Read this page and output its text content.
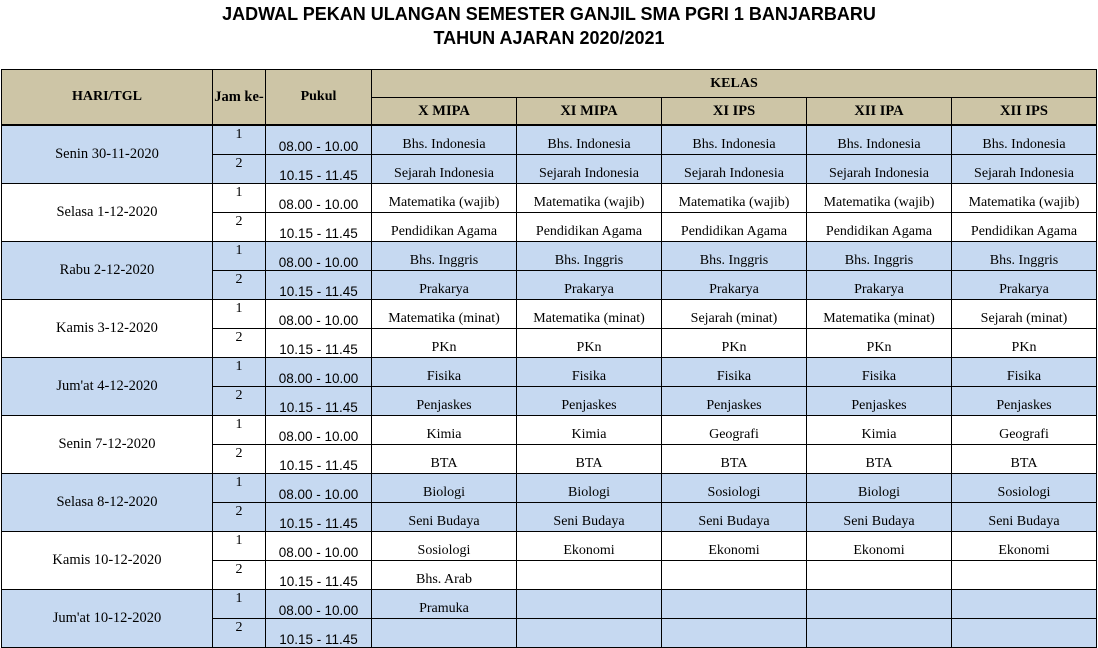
JADWAL PEKAN ULANGAN SEMESTER GANJIL SMA PGRI 1 BANJARBARU
TAHUN AJARAN 2020/2021
HARI/TGL	Jam ke-	Pukul	KELAS				
			X MIPA	XI MIPA	XI IPS	XII IPA	XII IPS
Senin 30-11-2020	1	08.00 - 10.00	Bhs. Indonesia	Bhs. Indonesia	Bhs. Indonesia	Bhs. Indonesia	Bhs. Indonesia
	2	10.15 - 11.45	Sejarah Indonesia	Sejarah Indonesia	Sejarah Indonesia	Sejarah Indonesia	Sejarah Indonesia
Selasa 1-12-2020	1	08.00 - 10.00	Matematika (wajib)	Matematika (wajib)	Matematika (wajib)	Matematika (wajib)	Matematika (wajib)
	2	10.15 - 11.45	Pendidikan Agama	Pendidikan Agama	Pendidikan Agama	Pendidikan Agama	Pendidikan Agama
Rabu 2-12-2020	1	08.00 - 10.00	Bhs. Inggris	Bhs. Inggris	Bhs. Inggris	Bhs. Inggris	Bhs. Inggris
	2	10.15 - 11.45	Prakarya	Prakarya	Prakarya	Prakarya	Prakarya
Kamis 3-12-2020	1	08.00 - 10.00	Matematika (minat)	Matematika (minat)	Sejarah (minat)	Matematika (minat)	Sejarah (minat)
	2	10.15 - 11.45	PKn	PKn	PKn	PKn	PKn
Jum'at 4-12-2020	1	08.00 - 10.00	Fisika	Fisika	Fisika	Fisika	Fisika
	2	10.15 - 11.45	Penjaskes	Penjaskes	Penjaskes	Penjaskes	Penjaskes
Senin 7-12-2020	1	08.00 - 10.00	Kimia	Kimia	Geografi	Kimia	Geografi
	2	10.15 - 11.45	BTA	BTA	BTA	BTA	BTA
Selasa 8-12-2020	1	08.00 - 10.00	Biologi	Biologi	Sosiologi	Biologi	Sosiologi
	2	10.15 - 11.45	Seni Budaya	Seni Budaya	Seni Budaya	Seni Budaya	Seni Budaya
Kamis 10-12-2020	1	08.00 - 10.00	Sosiologi	Ekonomi	Ekonomi	Ekonomi	Ekonomi
	2	10.15 - 11.45	Bhs. Arab				
Jum'at 10-12-2020	1	08.00 - 10.00	Pramuka				
	2	10.15 - 11.45					
